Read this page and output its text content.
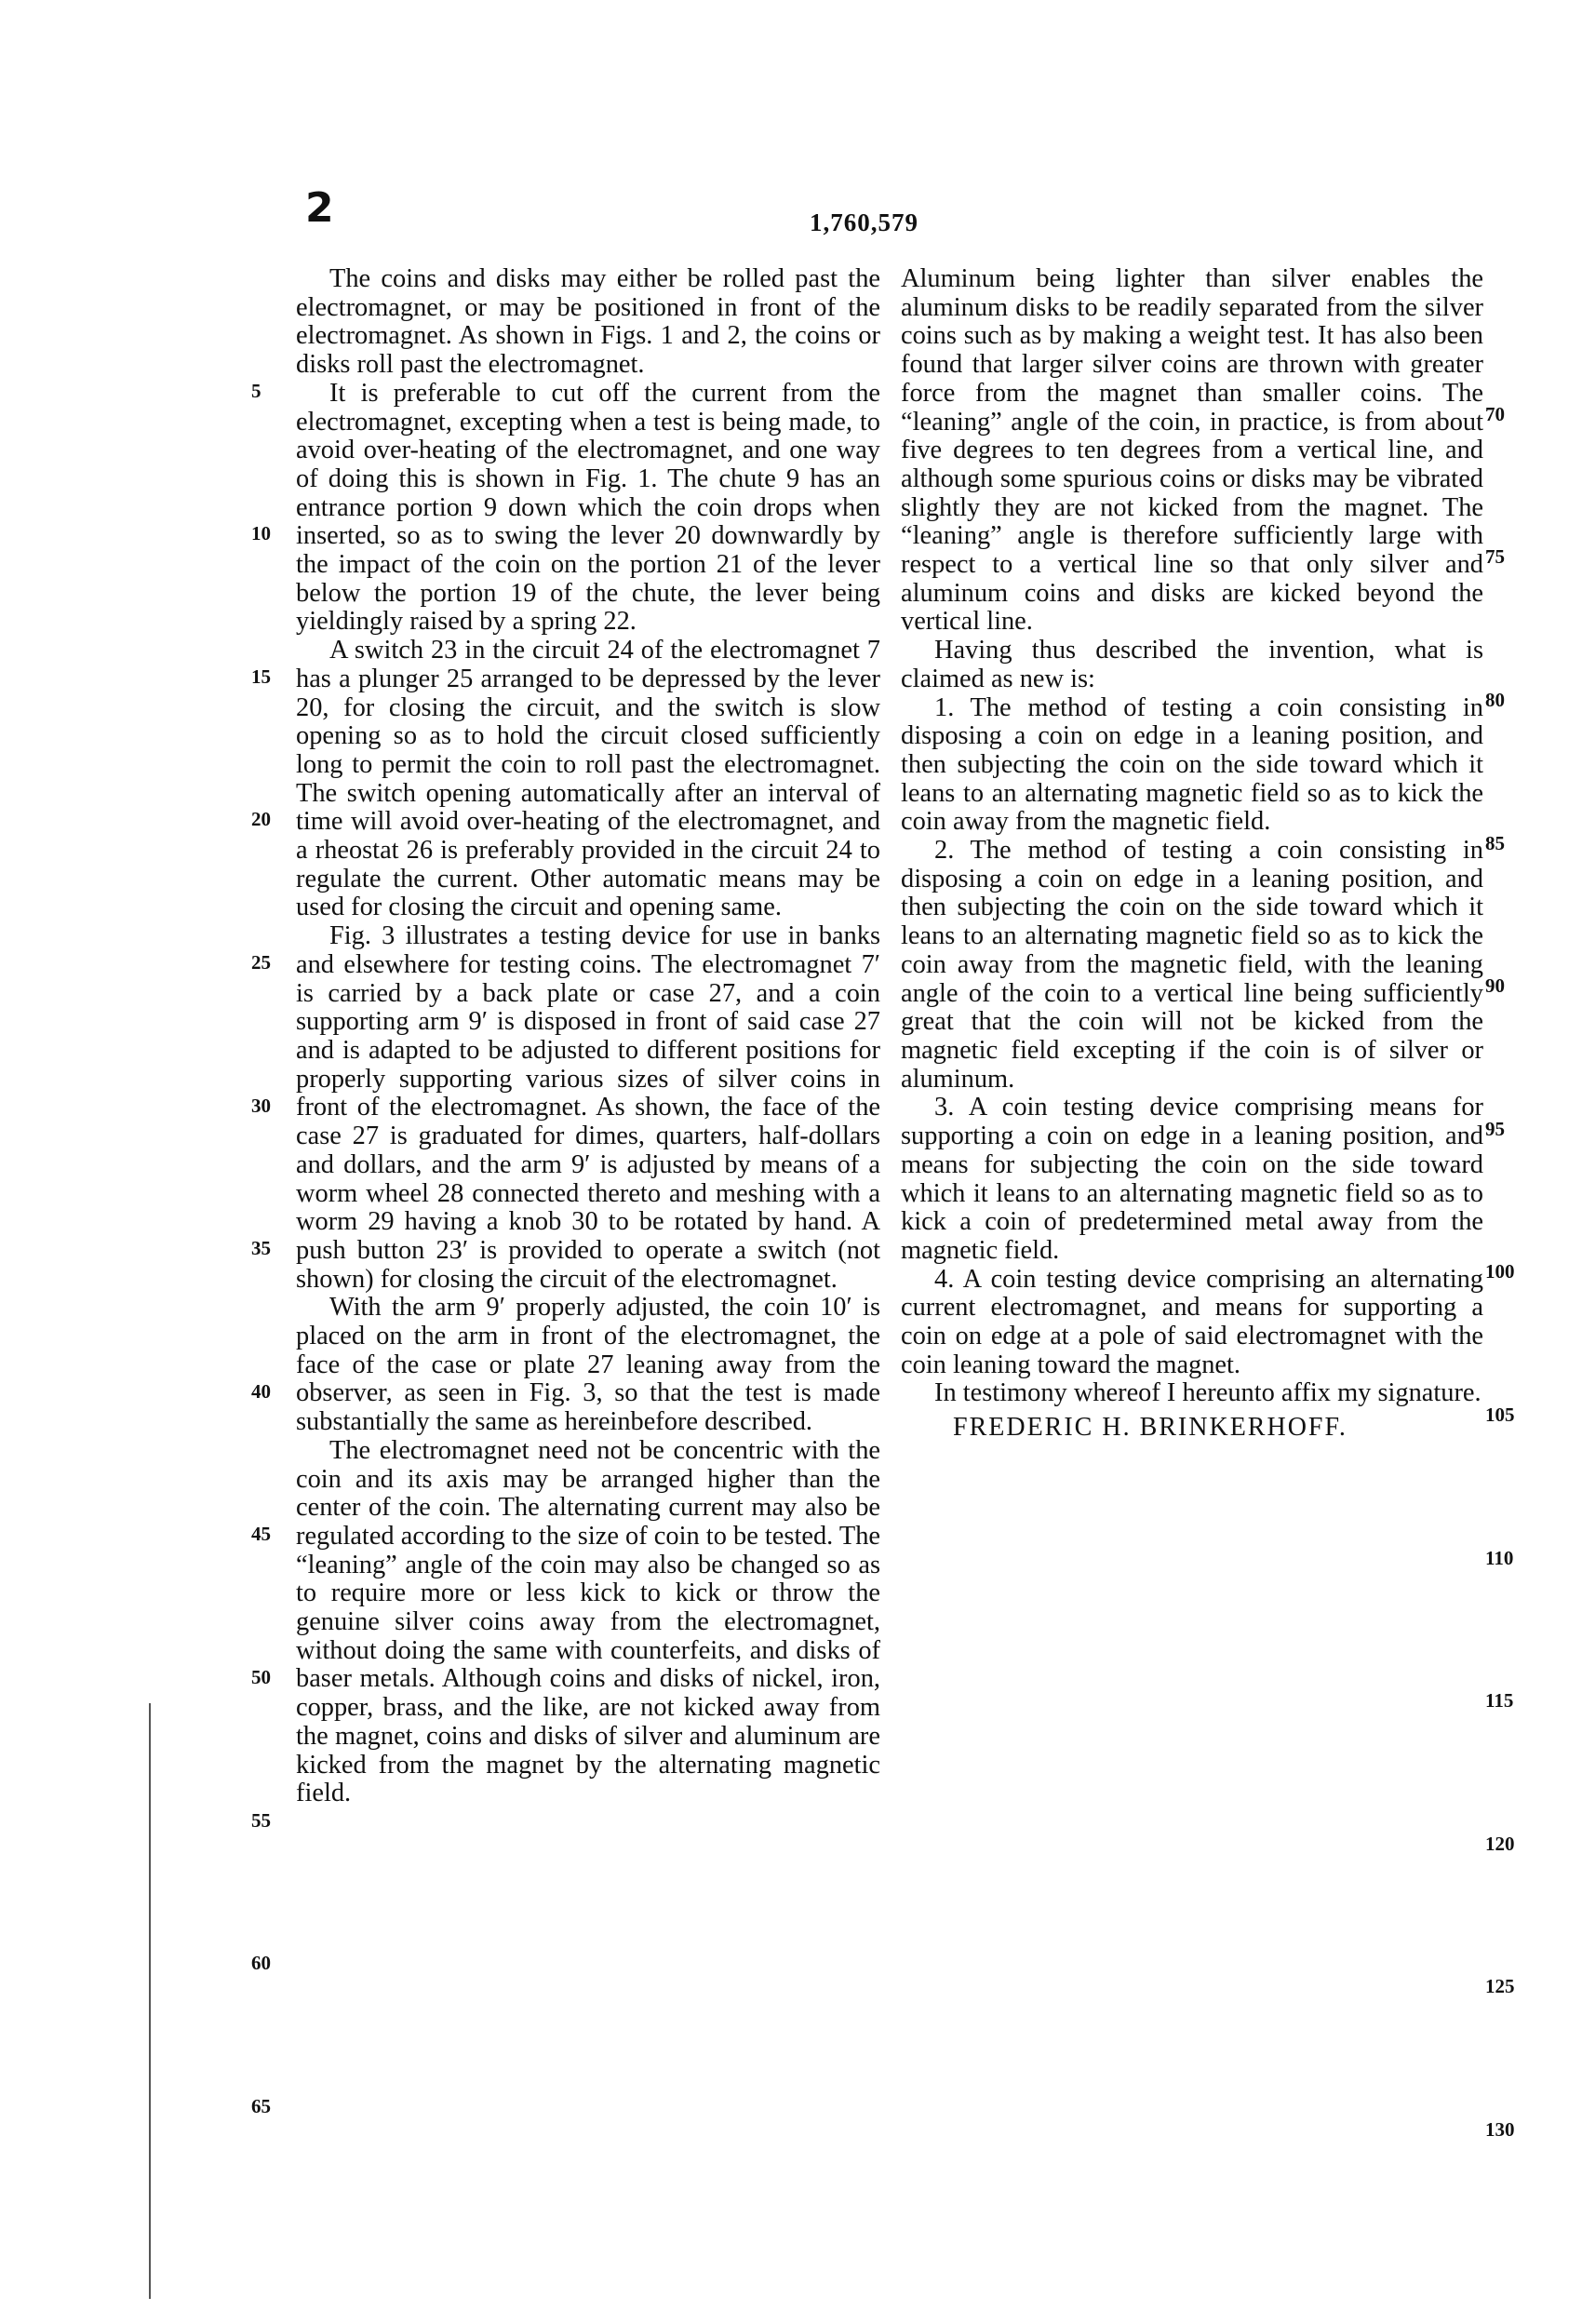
2	1,760,579

The coins and disks may either be rolled past the electromagnet, or may be positioned in front of the electromagnet. As shown in Figs. 1 and 2, the coins or disks roll past the electromagnet.

It is preferable to cut off the current from the electromagnet, excepting when a test is being made, to avoid over-heating of the electromagnet, and one way of doing this is shown in Fig. 1. The chute 9 has an entrance portion 9 down which the coin drops when inserted, so as to swing the lever 20 downwardly by the impact of the coin on the portion 21 of the lever below the portion 19 of the chute, the lever being yieldingly raised by a spring 22.

A switch 23 in the circuit 24 of the electromagnet 7 has a plunger 25 arranged to be depressed by the lever 20, for closing the circuit, and the switch is slow opening so as to hold the circuit closed sufficiently long to permit the coin to roll past the electromagnet. The switch opening automatically after an interval of time will avoid over-heating of the electromagnet, and a rheostat 26 is preferably provided in the circuit 24 to regulate the current. Other automatic means may be used for closing the circuit and opening same.

Fig. 3 illustrates a testing device for use in banks and elsewhere for testing coins. The electromagnet 7′ is carried by a back plate or case 27, and a coin supporting arm 9′ is disposed in front of said case 27 and is adapted to be adjusted to different positions for properly supporting various sizes of silver coins in front of the electromagnet. As shown, the face of the case 27 is graduated for dimes, quarters, half-dollars and dollars, and the arm 9′ is adjusted by means of a worm wheel 28 connected thereto and meshing with a worm 29 having a knob 30 to be rotated by hand. A push button 23′ is provided to operate a switch (not shown) for closing the circuit of the electromagnet.

With the arm 9′ properly adjusted, the coin 10′ is placed on the arm in front of the electromagnet, the face of the case or plate 27 leaning away from the observer, as seen in Fig. 3, so that the test is made substantially the same as hereinbefore described.

The electromagnet need not be concentric with the coin and its axis may be arranged higher than the center of the coin. The alternating current may also be regulated according to the size of coin to be tested. The “leaning” angle of the coin may also be changed so as to require more or less kick to kick or throw the genuine silver coins away from the electromagnet, without doing the same with counterfeits, and disks of baser metals. Although coins and disks of nickel, iron, copper, brass, and the like, are not kicked away from the magnet, coins and disks of silver and aluminum are kicked from the magnet by the alternating magnetic field.

Aluminum being lighter than silver enables the aluminum disks to be readily separated from the silver coins such as by making a weight test. It has also been found that larger silver coins are thrown with greater force from the magnet than smaller coins. The “leaning” angle of the coin, in practice, is from about five degrees to ten degrees from a vertical line, and although some spurious coins or disks may be vibrated slightly they are not kicked from the magnet. The “leaning” angle is therefore sufficiently large with respect to a vertical line so that only silver and aluminum coins and disks are kicked beyond the vertical line.

Having thus described the invention, what is claimed as new is:

1. The method of testing a coin consisting in disposing a coin on edge in a leaning position, and then subjecting the coin on the side toward which it leans to an alternating magnetic field so as to kick the coin away from the magnetic field.

2. The method of testing a coin consisting in disposing a coin on edge in a leaning position, and then subjecting the coin on the side toward which it leans to an alternating magnetic field so as to kick the coin away from the magnetic field, with the leaning angle of the coin to a vertical line being sufficiently great that the coin will not be kicked from the magnetic field excepting if the coin is of silver or aluminum.

3. A coin testing device comprising means for supporting a coin on edge in a leaning position, and means for subjecting the coin on the side toward which it leans to an alternating magnetic field so as to kick a coin of predetermined metal away from the magnetic field.

4. A coin testing device comprising an alternating current electromagnet, and means for supporting a coin on edge at a pole of said electromagnet with the coin leaning toward the magnet.

In testimony whereof I hereunto affix my signature.

FREDERIC H. BRINKERHOFF.

5
10
15
20
25
30
35
40
45
50
55
60
65
70
75
80
85
90
95
100
105
110
115
120
125
130
